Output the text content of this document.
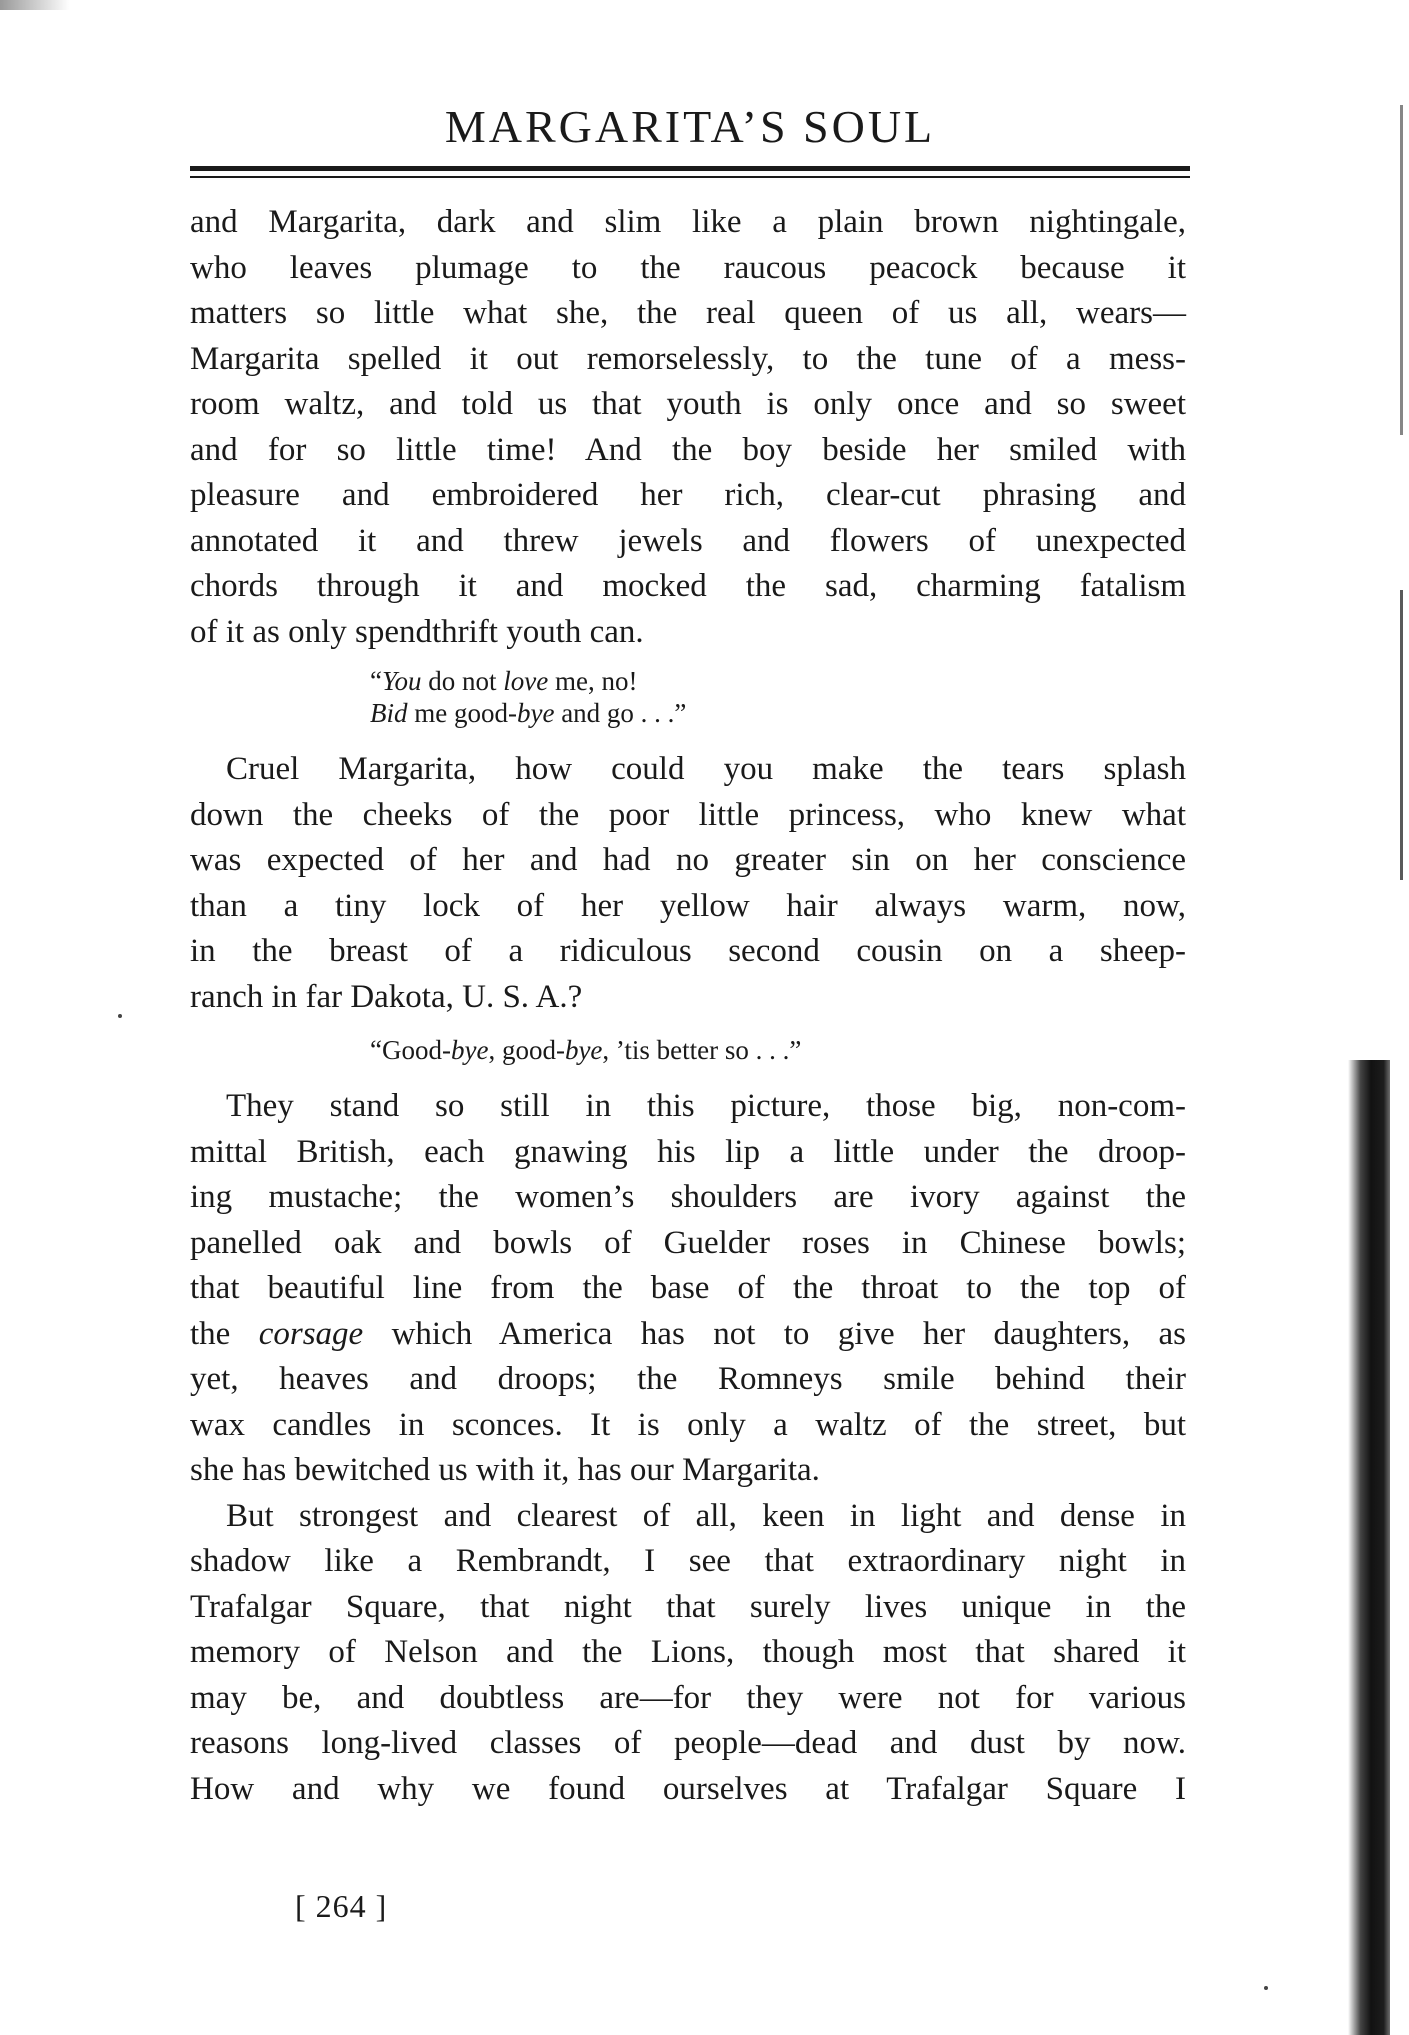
MARGARITA’S SOUL
and Margarita, dark and slim like a plain brown nightingale,
who leaves plumage to the raucous peacock because it
matters so little what she, the real queen of us all, wears—
Margarita spelled it out remorselessly, to the tune of a mess-
room waltz, and told us that youth is only once and so sweet
and for so little time! And the boy beside her smiled with
pleasure and embroidered her rich, clear-cut phrasing and
annotated it and threw jewels and flowers of unexpected
chords through it and mocked the sad, charming fatalism
of it as only spendthrift youth can.
“You do not love me, no!
Bid me good-bye and go . . .”
Cruel Margarita, how could you make the tears splash
down the cheeks of the poor little princess, who knew what
was expected of her and had no greater sin on her conscience
than a tiny lock of her yellow hair always warm, now,
in the breast of a ridiculous second cousin on a sheep-
ranch in far Dakota, U. S. A.?
“Good-bye, good-bye, ’tis better so . . .”
They stand so still in this picture, those big, non-com-
mittal British, each gnawing his lip a little under the droop-
ing mustache; the women’s shoulders are ivory against the
panelled oak and bowls of Guelder roses in Chinese bowls;
that beautiful line from the base of the throat to the top of
the corsage which America has not to give her daughters, as
yet, heaves and droops; the Romneys smile behind their
wax candles in sconces. It is only a waltz of the street, but
she has bewitched us with it, has our Margarita.
But strongest and clearest of all, keen in light and dense in
shadow like a Rembrandt, I see that extraordinary night in
Trafalgar Square, that night that surely lives unique in the
memory of Nelson and the Lions, though most that shared it
may be, and doubtless are—for they were not for various
reasons long-lived classes of people—dead and dust by now.
How and why we found ourselves at Trafalgar Square I
[ 264 ]
